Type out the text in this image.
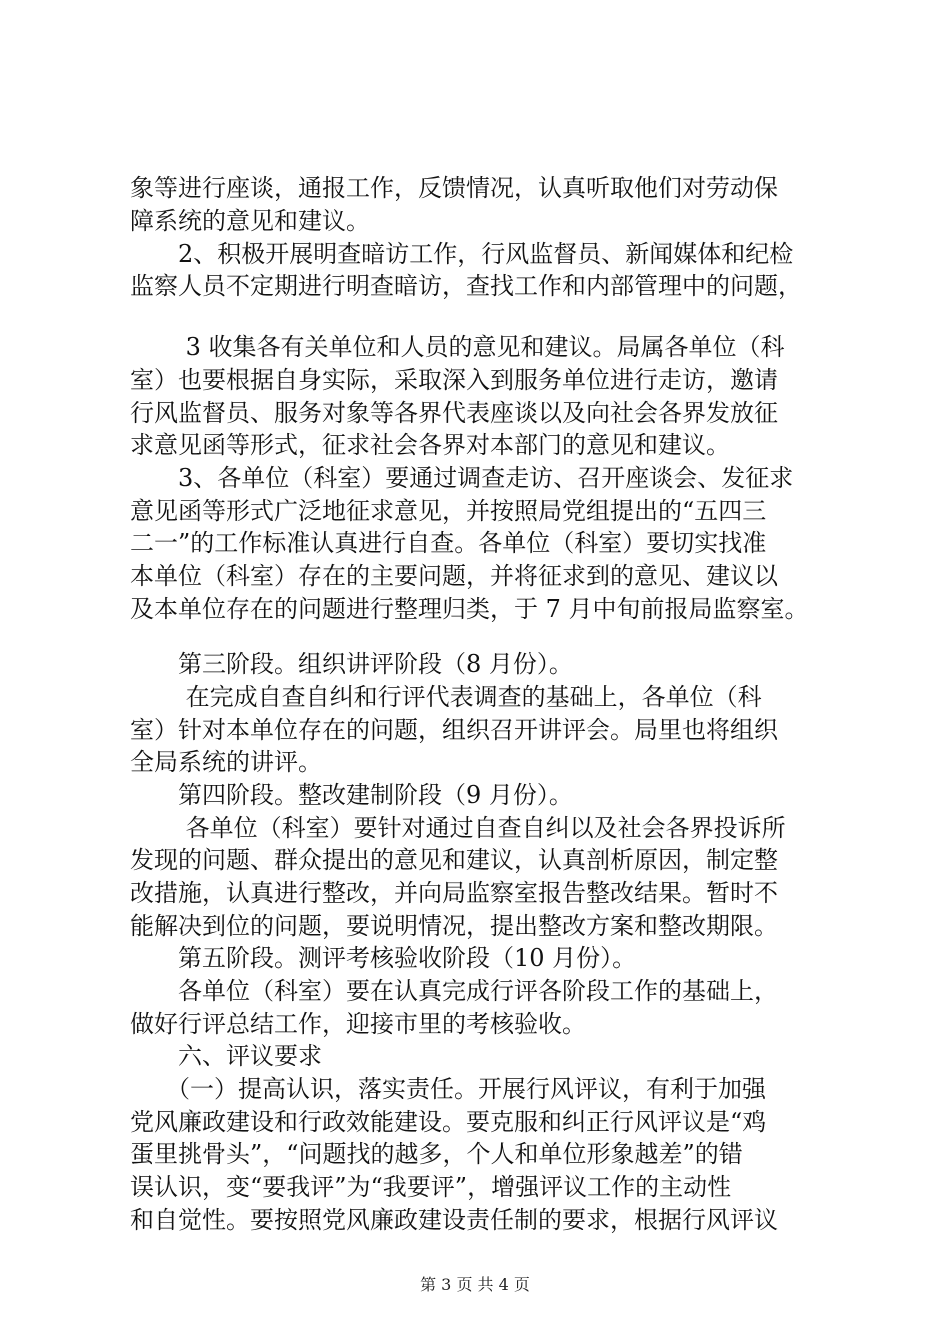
象等进行座谈，通报工作，反馈情况，认真听取他们对劳动保
障系统的意见和建议。
　　2、积极开展明查暗访工作，行风监督员、新闻媒体和纪检
监察人员不定期进行明查暗访，查找工作和内部管理中的问题，
　　 3 收集各有关单位和人员的意见和建议。局属各单位（科
室）也要根据自身实际，采取深入到服务单位进行走访，邀请
行风监督员、服务对象等各界代表座谈以及向社会各界发放征
求意见函等形式，征求社会各界对本部门的意见和建议。
　　3、各单位（科室）要通过调查走访、召开座谈会、发征求
意见函等形式广泛地征求意见，并按照局党组提出的“五四三
二一”的工作标准认真进行自查。各单位（科室）要切实找准
本单位（科室）存在的主要问题，并将征求到的意见、建议以
及本单位存在的问题进行整理归类，于 7 月中旬前报局监察室。
　　第三阶段。组织讲评阶段（8 月份）。
　　 在完成自查自纠和行评代表调查的基础上，各单位（科
室）针对本单位存在的问题，组织召开讲评会。局里也将组织
全局系统的讲评。
　　第四阶段。整改建制阶段（9 月份）。
　　 各单位（科室）要针对通过自查自纠以及社会各界投诉所
发现的问题、群众提出的意见和建议，认真剖析原因，制定整
改措施，认真进行整改，并向局监察室报告整改结果。暂时不
能解决到位的问题，要说明情况，提出整改方案和整改期限。
　　第五阶段。测评考核验收阶段（10 月份）。
　　各单位（科室）要在认真完成行评各阶段工作的基础上，
做好行评总结工作，迎接市里的考核验收。
　　六、评议要求
　　（一）提高认识，落实责任。开展行风评议，有利于加强
党风廉政建设和行政效能建设。要克服和纠正行风评议是“鸡
蛋里挑骨头”，“问题找的越多，个人和单位形象越差”的错
误认识，变“要我评”为“我要评”，增强评议工作的主动性
和自觉性。要按照党风廉政建设责任制的要求，根据行风评议
第 3 页 共 4 页
